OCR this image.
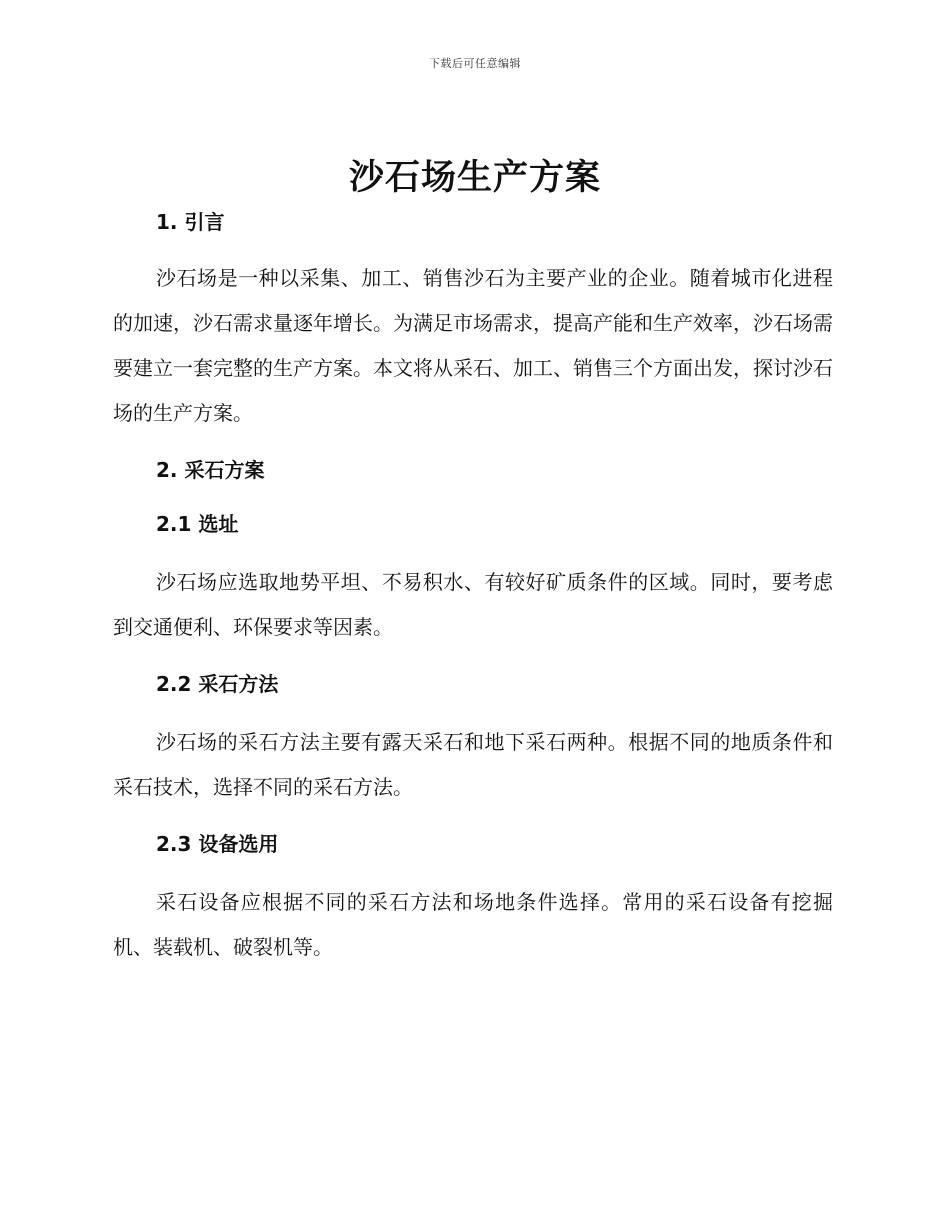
下载后可任意编辑
沙石场生产方案
1. 引言

沙石场是一种以采集、加工、销售沙石为主要产业的企业。随着城市化进程的加速，沙石需求量逐年增长。为满足市场需求，提高产能和生产效率，沙石场需要建立一套完整的生产方案。本文将从采石、加工、销售三个方面出发，探讨沙石场的生产方案。

2. 采石方案
2.1 选址

沙石场应选取地势平坦、不易积水、有较好矿质条件的区域。同时，要考虑到交通便利、环保要求等因素。

2.2 采石方法

沙石场的采石方法主要有露天采石和地下采石两种。根据不同的地质条件和采石技术，选择不同的采石方法。

2.3 设备选用

采石设备应根据不同的采石方法和场地条件选择。常用的采石设备有挖掘机、装载机、破裂机等。
